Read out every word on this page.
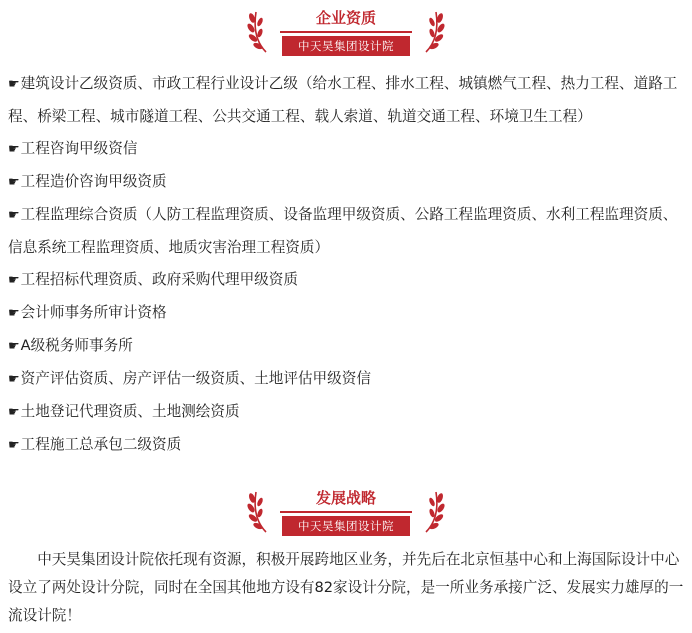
企业资质
中天昊集团设计院
☛建筑设计乙级资质、市政工程行业设计乙级（给水工程、排水工程、城镇燃气工程、热力工程、道路工程、桥梁工程、城市隧道工程、公共交通工程、载人索道、轨道交通工程、环境卫生工程）
☛工程咨询甲级资信
☛工程造价咨询甲级资质
☛工程监理综合资质（人防工程监理资质、设备监理甲级资质、公路工程监理资质、水利工程监理资质、信息系统工程监理资质、地质灾害治理工程资质）
☛工程招标代理资质、政府采购代理甲级资质
☛会计师事务所审计资格
☛A级税务师事务所
☛资产评估资质、房产评估一级资质、土地评估甲级资信
☛土地登记代理资质、土地测绘资质
☛工程施工总承包二级资质
发展战略
中天昊集团设计院

中天昊集团设计院依托现有资源，积极开展跨地区业务，并先后在北京恒基中心和上海国际设计中心设立了两处设计分院，同时在全国其他地方设有82家设计分院，是一所业务承接广泛、发展实力雄厚的一流设计院！
